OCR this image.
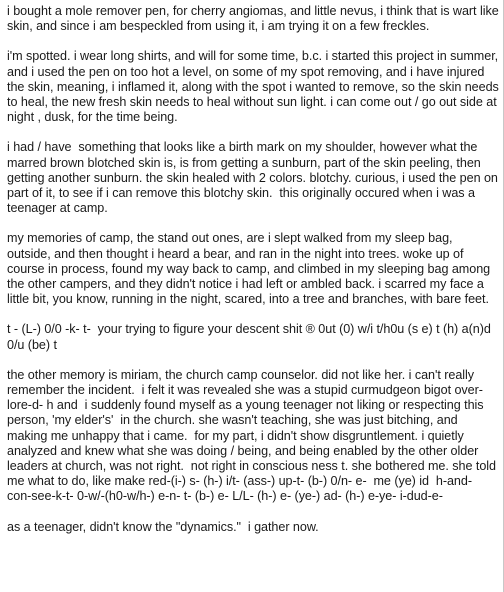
i bought a mole remover pen, for cherry angiomas, and little nevus, i think that is wart like skin, and since i am bespeckled from using it, i am trying it on a few freckles.

i'm spotted. i wear long shirts, and will for some time, b.c. i started this project in summer, and i used the pen on too hot a level, on some of my spot removing, and i have injured the skin, meaning, i inflamed it, along with the spot i wanted to remove, so the skin needs to heal, the new fresh skin needs to heal without sun light. i can come out / go out side at night , dusk, for the time being.

i had / have  something that looks like a birth mark on my shoulder, however what the marred brown blotched skin is, is from getting a sunburn, part of the skin peeling, then getting another sunburn. the skin healed with 2 colors. blotchy. curious, i used the pen on part of it, to see if i can remove this blotchy skin.  this originally occured when i was a teenager at camp.

my memories of camp, the stand out ones, are i slept walked from my sleep bag, outside, and then thought i heard a bear, and ran in the night into trees. woke up of course in process, found my way back to camp, and climbed in my sleeping bag among the other campers, and they didn't notice i had left or ambled back. i scarred my face a little bit, you know, running in the night, scared, into a tree and branches, with bare feet.

t - (L-) 0/0 -k- t-  your trying to figure your descent shit ® 0ut (0) w/i t/h0u (s e) t (h) a(n)d 0/u (be) t

the other memory is miriam, the church camp counselor. did not like her. i can't really remember the incident.  i felt it was revealed she was a stupid curmudgeon bigot over-lore-d- h and  i suddenly found myself as a young teenager not liking or respecting this person, 'my elder's'  in the church. she wasn't teaching, she was just bitching, and making me unhappy that i came.  for my part, i didn't show disgruntlement. i quietly analyzed and knew what she was doing / being, and being enabled by the other older leaders at church, was not right.  not right in conscious ness t. she bothered me. she told me what to do, like make red-(i-) s- (h-) i/t- (ass-) up-t- (b-) 0/n- e-  me (ye) id  h-and- con-see-k-t- 0-w/-(h0-w/h-) e-n- t- (b-) e- L/L- (h-) e- (ye-) ad- (h-) e-ye- i-dud-e-

as a teenager, didn't know the "dynamics."  i gather now.
